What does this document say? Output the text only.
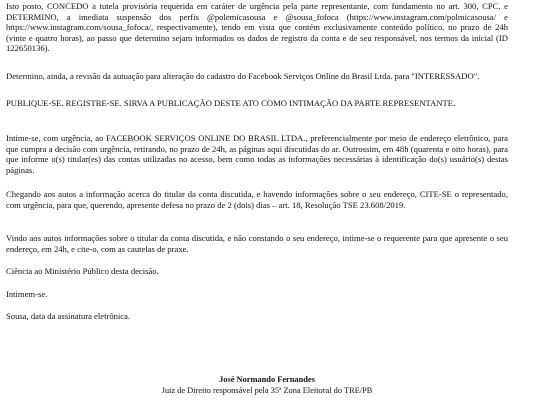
Isto posto, CONCEDO a tutela provisória requerida em caráter de urgência pela parte representante, com fundamento no art. 300, CPC, e DETERMINO, a imediata suspensão dos perfis @polemicasousa e @sousa_fofoca (https://www.instagram.com/polmicasousa/ e https://www.instagram.com/sousa_fofoca/, respectivamente), tendo em vista que contém exclusivamente conteúdo político, no prazo de 24h (vinte e quatro horas), ao passo que determino sejam informados os dados de registro da conta e de seu responsável, nos termos da inicial (ID 122650136).

Determino, ainda, a revisão da autuação para alteração do cadastro do Facebook Serviços Online do Brasil Ltda. para "INTERESSADO".

PUBLIQUE-SE. REGISTRE-SE. SIRVA A PUBLICAÇÃO DESTE ATO COMO INTIMAÇÃO DA PARTE REPRESENTANTE.

Intime-se, com urgência, ao FACEBOOK SERVIÇOS ONLINE DO BRASIL LTDA., preferencialmente por meio de endereço eletrônico, para que cumpra a decisão com urgência, retirando, no prazo de 24h, as páginas aqui discutidas do ar. Outrossim, em 48h (quarenta e oito horas), para que informe o(s) titular(es) das contas utilizadas no acesso, bem como todas as informações necessárias à identificação do(s) usuário(s) destas páginas.

Chegando aos autos a informação acerca do titular da conta discutida, e havendo informações sobre o seu endereço, CITE-SE o representado, com urgência, para que, querendo, apresente defesa no prazo de 2 (dois) dias – art. 18, Resolução TSE 23.608/2019.

Vindo aos autos informações sobre o titular da conta discutida, e não constando o seu endereço, intime-se o requerente para que apresente o seu endereço, em 24h, e cite-o, com as cautelas de praxe.

Ciência ao Ministério Público desta decisão.

Intimem-se.

Sousa, data da assinatura eletrônica.

José Normando Fernandes

Juiz de Direito responsável pela 35ª Zona Eleitoral do TRE/PB
